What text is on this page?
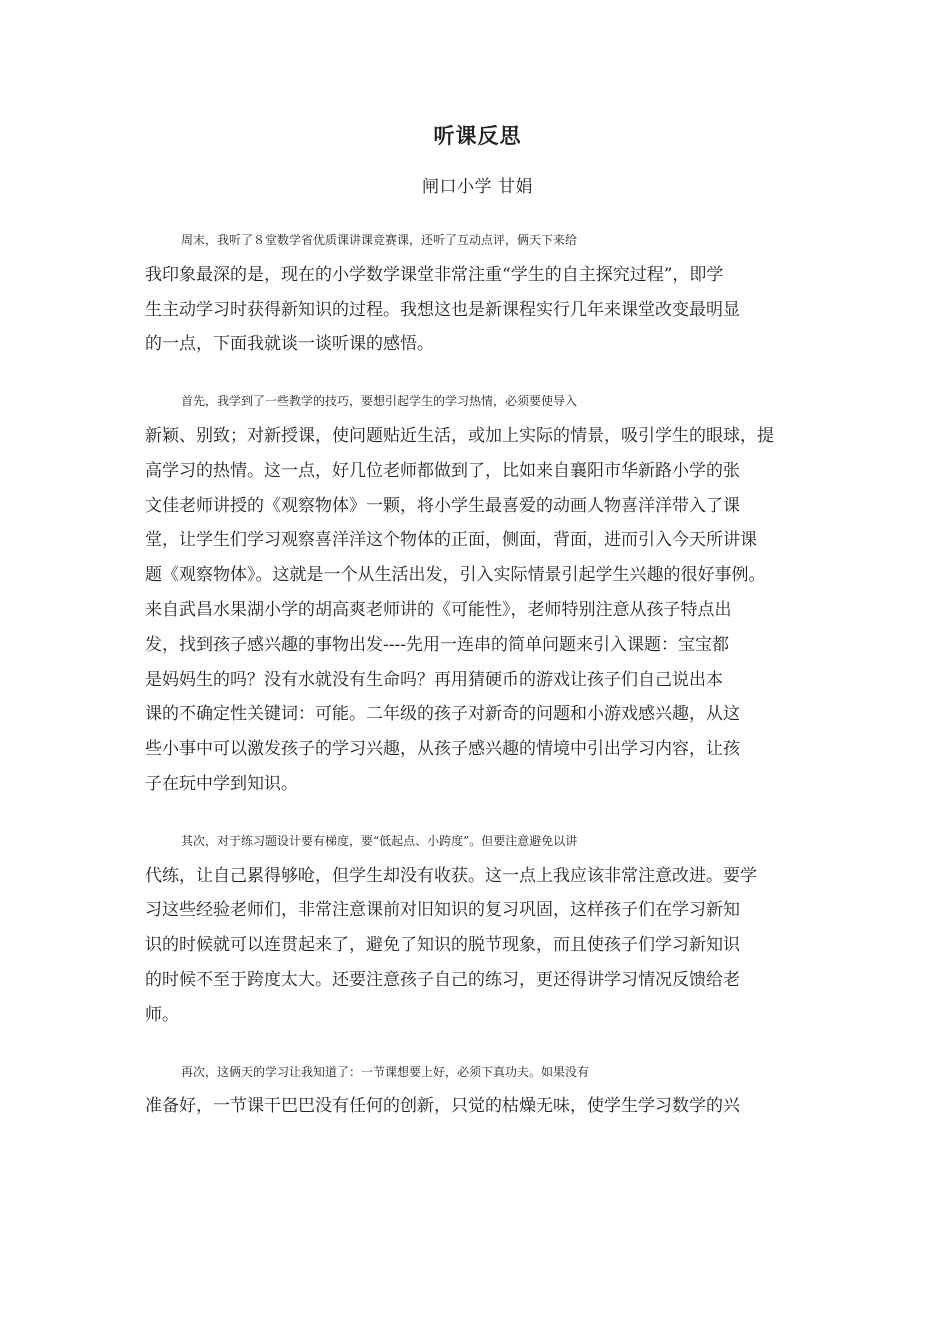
听课反思
闸口小学 甘娟
周末，我听了８堂数学省优质课讲课竞赛课，还听了互动点评，俩天下来给
我印象最深的是，现在的小学数学课堂非常注重“学生的自主探究过程”，即学
生主动学习时获得新知识的过程。我想这也是新课程实行几年来课堂改变最明显
的一点，下面我就谈一谈听课的感悟。
首先，我学到了一些教学的技巧，要想引起学生的学习热情，必须要使导入
新颖、别致；对新授课，使问题贴近生活，或加上实际的情景，吸引学生的眼球，提
高学习的热情。这一点，好几位老师都做到了，比如来自襄阳市华新路小学的张
文佳老师讲授的《观察物体》一颗，将小学生最喜爱的动画人物喜洋洋带入了课
堂，让学生们学习观察喜洋洋这个物体的正面，侧面，背面，进而引入今天所讲课
题《观察物体》。这就是一个从生活出发，引入实际情景引起学生兴趣的很好事例。
来自武昌水果湖小学的胡高爽老师讲的《可能性》，老师特别注意从孩子特点出
发，找到孩子感兴趣的事物出发----先用一连串的简单问题来引入课题：宝宝都
是妈妈生的吗？没有水就没有生命吗？再用猜硬币的游戏让孩子们自己说出本
课的不确定性关键词：可能。二年级的孩子对新奇的问题和小游戏感兴趣，从这
些小事中可以激发孩子的学习兴趣，从孩子感兴趣的情境中引出学习内容，让孩
子在玩中学到知识。
其次，对于练习题设计要有梯度，要“低起点、小跨度”。但要注意避免以讲
代练，让自己累得够呛，但学生却没有收获。这一点上我应该非常注意改进。要学
习这些经验老师们，非常注意课前对旧知识的复习巩固，这样孩子们在学习新知
识的时候就可以连贯起来了，避免了知识的脱节现象，而且使孩子们学习新知识
的时候不至于跨度太大。还要注意孩子自己的练习，更还得讲学习情况反馈给老
师。
再次，这俩天的学习让我知道了：一节课想要上好，必须下真功夫。如果没有
准备好，一节课干巴巴没有任何的创新，只觉的枯燥无味，使学生学习数学的兴
